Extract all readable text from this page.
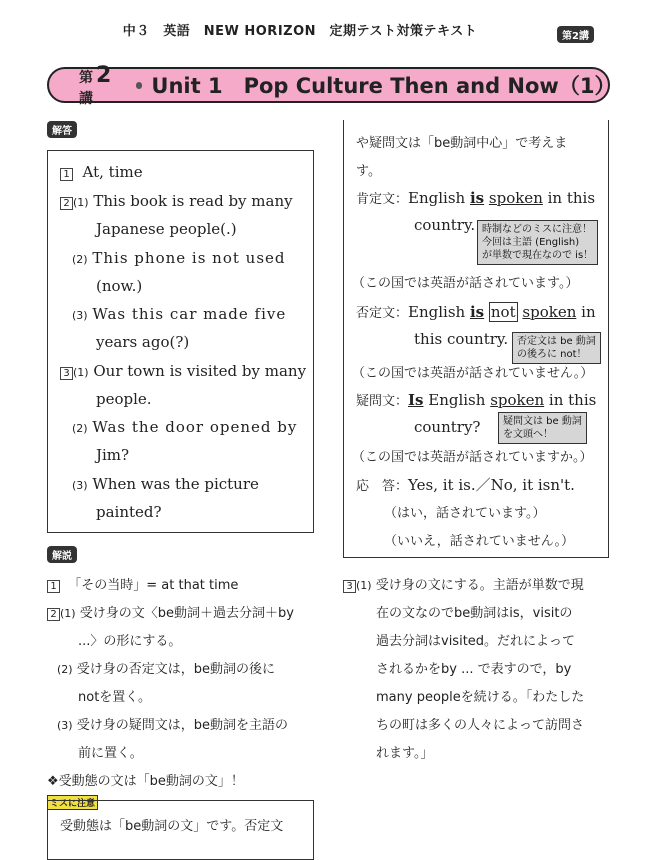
中３　英語　NEW HORIZON　定期テスト対策テキスト	第2講
第 2講
Unit 1　Pop Culture Then and Now（1）
解答
1 At, time
2 (1) This book is read by many
Japanese people(.)
(2) This phone is not used
(now.)
(3) Was this car made five
years ago(?)
3 (1) Our town is visited by many
people.
(2) Was the door opened by
Jim?
(3) When was the picture
painted?
解説
1 「その当時」= at that time
2 (1) 受け身の文〈be動詞＋過去分詞＋by
...〉の形にする。
(2) 受け身の否定文は，be動詞の後に
notを置く。
(3) 受け身の疑問文は，be動詞を主語の
前に置く。
❖受動態の文は「be動詞の文」！
ミスに注意
受動態は「be動詞の文」です。否定文
や疑問文は「be動詞中心」で考えま
す。
肯定文：English is spoken in this
country. 時制などのミスに注意！
今回は主語 (English)
が単数で現在なので is！
（この国では英語が話されています。）
否定文：English is not spoken in
this country. 否定文は be 動詞
の後ろに not！
（この国では英語が話されていません。）
疑問文：Is English spoken in this
country? 疑問文は be 動詞
を文頭へ！
（この国では英語が話されていますか。）
応　答：Yes, it is.／No, it isn't.
（はい，話されています。）
（いいえ，話されていません。）
3 (1) 受け身の文にする。主語が単数で現
在の文なのでbe動詞はis，visitの
過去分詞はvisited。だれによって
されるかをby ... で表すので，by
many peopleを続ける。「わたした
ちの町は多くの人々によって訪問さ
れます。」
